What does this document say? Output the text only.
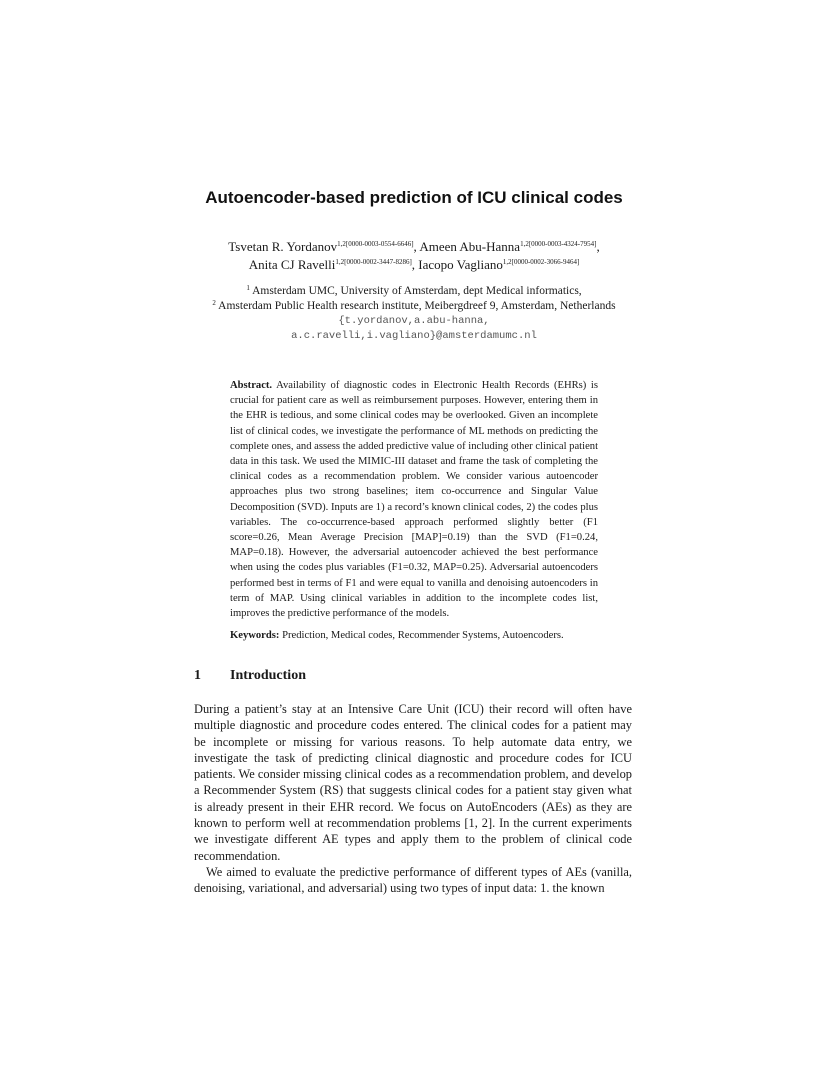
Autoencoder-based prediction of ICU clinical codes
Tsvetan R. Yordanov$^{1,2[0000-0003-0554-6646]}$, Ameen Abu-Hanna$^{1,2[0000-0003-4324-7954]}$,
Anita CJ Ravelli$^{1,2[0000-0002-3447-8286]}$, Iacopo Vagliano$^{1,2[0000-0002-3066-9464]}$
$^1$ Amsterdam UMC, University of Amsterdam, dept Medical informatics,
$^2$ Amsterdam Public Health research institute, Meibergdreef 9, Amsterdam, Netherlands
{t.yordanov,a.abu-hanna,
a.c.ravelli,i.vagliano}@amsterdamumc.nl
Abstract. Availability of diagnostic codes in Electronic Health Records (EHRs) is crucial for patient care as well as reimbursement purposes. However, entering them in the EHR is tedious, and some clinical codes may be overlooked. Given an incomplete list of clinical codes, we investigate the performance of ML methods on predicting the complete ones, and assess the added predictive value of including other clinical patient data in this task. We used the MIMIC-III dataset and frame the task of completing the clinical codes as a recommendation problem. We consider various autoencoder approaches plus two strong baselines; item co-occurrence and Singular Value Decomposition (SVD). Inputs are 1) a record’s known clinical codes, 2) the codes plus variables. The co-occurrence-based approach performed slightly better (F1 score=0.26, Mean Average Precision [MAP]=0.19) than the SVD (F1=0.24, MAP=0.18). However, the adversarial autoencoder achieved the best performance when using the codes plus variables (F1=0.32, MAP=0.25). Adversarial autoencoders performed best in terms of F1 and were equal to vanilla and denoising autoencoders in term of MAP. Using clinical variables in addition to the incomplete codes list, improves the predictive performance of the models.
Keywords: Prediction, Medical codes, Recommender Systems, Autoencoders.
1 Introduction

During a patient’s stay at an Intensive Care Unit (ICU) their record will often have multiple diagnostic and procedure codes entered. The clinical codes for a patient may be incomplete or missing for various reasons. To help automate data entry, we investigate the task of predicting clinical diagnostic and procedure codes for ICU patients. We consider missing clinical codes as a recommendation problem, and develop a Recommender System (RS) that suggests clinical codes for a patient stay given what is already present in their EHR record. We focus on AutoEncoders (AEs) as they are known to perform well at recommendation problems [1, 2]. In the current experiments we investigate different AE types and apply them to the problem of clinical code recommendation.

We aimed to evaluate the predictive performance of different types of AEs (vanilla, denoising, variational, and adversarial) using two types of input data: 1. the known
